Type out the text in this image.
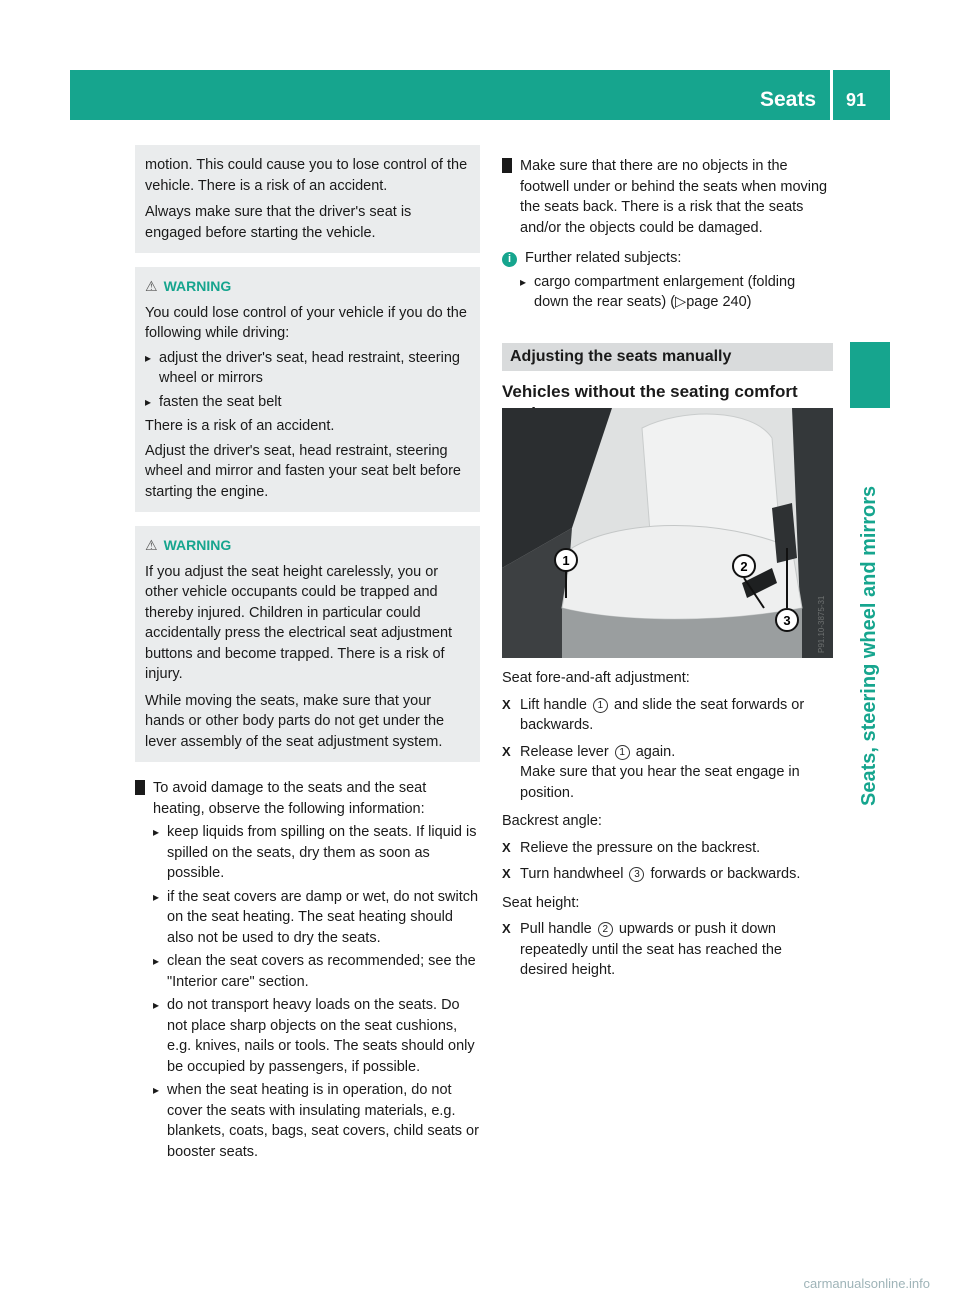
Seats 91
Seats, steering wheel and mirrors

motion. This could cause you to lose control of the vehicle. There is a risk of an accident.

Always make sure that the driver's seat is engaged before starting the vehicle.

⚠ WARNING

You could lose control of your vehicle if you do the following while driving:

▸ adjust the driver's seat, head restraint, steering wheel or mirrors
▸ fasten the seat belt

There is a risk of an accident.

Adjust the driver's seat, head restraint, steering wheel and mirror and fasten your seat belt before starting the engine.

⚠ WARNING

If you adjust the seat height carelessly, you or other vehicle occupants could be trapped and thereby injured. Children in particular could accidentally press the electrical seat adjustment buttons and become trapped. There is a risk of injury.

While moving the seats, make sure that your hands or other body parts do not get under the lever assembly of the seat adjustment system.

! To avoid damage to the seats and the seat heating, observe the following information:

▸ keep liquids from spilling on the seats. If liquid is spilled on the seats, dry them as soon as possible.
▸ if the seat covers are damp or wet, do not switch on the seat heating. The seat heating should also not be used to dry the seats.
▸ clean the seat covers as recommended; see the "Interior care" section.
▸ do not transport heavy loads on the seats. Do not place sharp objects on the seat cushions, e.g. knives, nails or tools. The seats should only be occupied by passengers, if possible.
▸ when the seat heating is in operation, do not cover the seats with insulating materials, e.g. blankets, coats, bags, seat covers, child seats or booster seats.

! Make sure that there are no objects in the footwell under or behind the seats when moving the seats back. There is a risk that the seats and/or the objects could be damaged.

i Further related subjects:

▸ cargo compartment enlargement (folding down the rear seats) (▷page 240)
Adjusting the seats manually
Vehicles without the seating comfort
1	2
3	P91.10-3875-31

Seat fore-and-aft adjustment:

X Lift handle 1 and slide the seat forwards or backwards.
X Release lever 1 again.
Make sure that you hear the seat engage in position.

Backrest angle:

X Relieve the pressure on the backrest.
X Turn handwheel 3 forwards or backwards.

Seat height:

X Pull handle 2 upwards or push it down repeatedly until the seat has reached the desired height.
carmanualsonline.info
